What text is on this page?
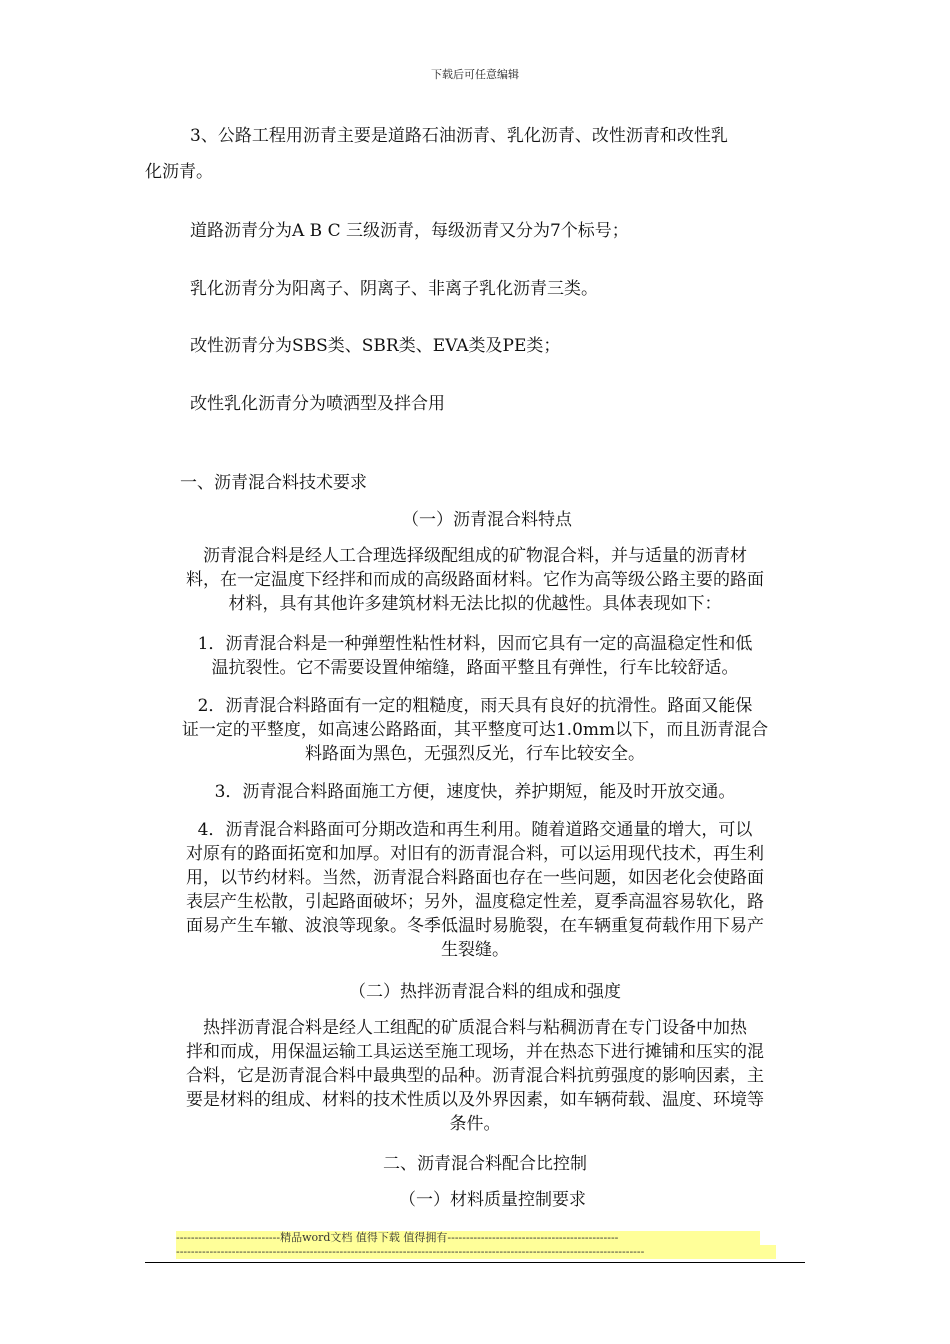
下载后可任意编辑
3、公路工程用沥青主要是道路石油沥青、乳化沥青、改性沥青和改性乳
化沥青。
道路沥青分为A B C 三级沥青，每级沥青又分为7个标号；
乳化沥青分为阳离子、阴离子、非离子乳化沥青三类。
改性沥青分为SBS类、SBR类、EVA类及PE类；
改性乳化沥青分为喷洒型及拌合用
一、沥青混合料技术要求
（一）沥青混合料特点
沥青混合料是经人工合理选择级配组成的矿物混合料，并与适量的沥青材
料，在一定温度下经拌和而成的高级路面材料。它作为高等级公路主要的路面
材料，具有其他许多建筑材料无法比拟的优越性。具体表现如下：
1．沥青混合料是一种弹塑性粘性材料，因而它具有一定的高温稳定性和低
温抗裂性。它不需要设置伸缩缝，路面平整且有弹性，行车比较舒适。
2．沥青混合料路面有一定的粗糙度，雨天具有良好的抗滑性。路面又能保
证一定的平整度，如高速公路路面，其平整度可达1.0mm以下，而且沥青混合
料路面为黑色，无强烈反光，行车比较安全。
3．沥青混合料路面施工方便，速度快，养护期短，能及时开放交通。
4．沥青混合料路面可分期改造和再生利用。随着道路交通量的增大，可以
对原有的路面拓宽和加厚。对旧有的沥青混合料，可以运用现代技术，再生利
用，以节约材料。当然，沥青混合料路面也存在一些问题，如因老化会使路面
表层产生松散，引起路面破坏；另外，温度稳定性差，夏季高温容易软化，路
面易产生车辙、波浪等现象。冬季低温时易脆裂，在车辆重复荷载作用下易产
生裂缝。
（二）热拌沥青混合料的组成和强度
热拌沥青混合料是经人工组配的矿质混合料与粘稠沥青在专门设备中加热
拌和而成，用保温运输工具运送至施工现场，并在热态下进行摊铺和压实的混
合料，它是沥青混合料中最典型的品种。沥青混合料抗剪强度的影响因素，主
要是材料的组成、材料的技术性质以及外界因素，如车辆荷载、温度、环境等
条件。
二、沥青混合料配合比控制
（一）材料质量控制要求
----------------------------精品word文档 值得下载 值得拥有----------------------------------------------
------------------------------------------------------------------------------------------------------------------------------
